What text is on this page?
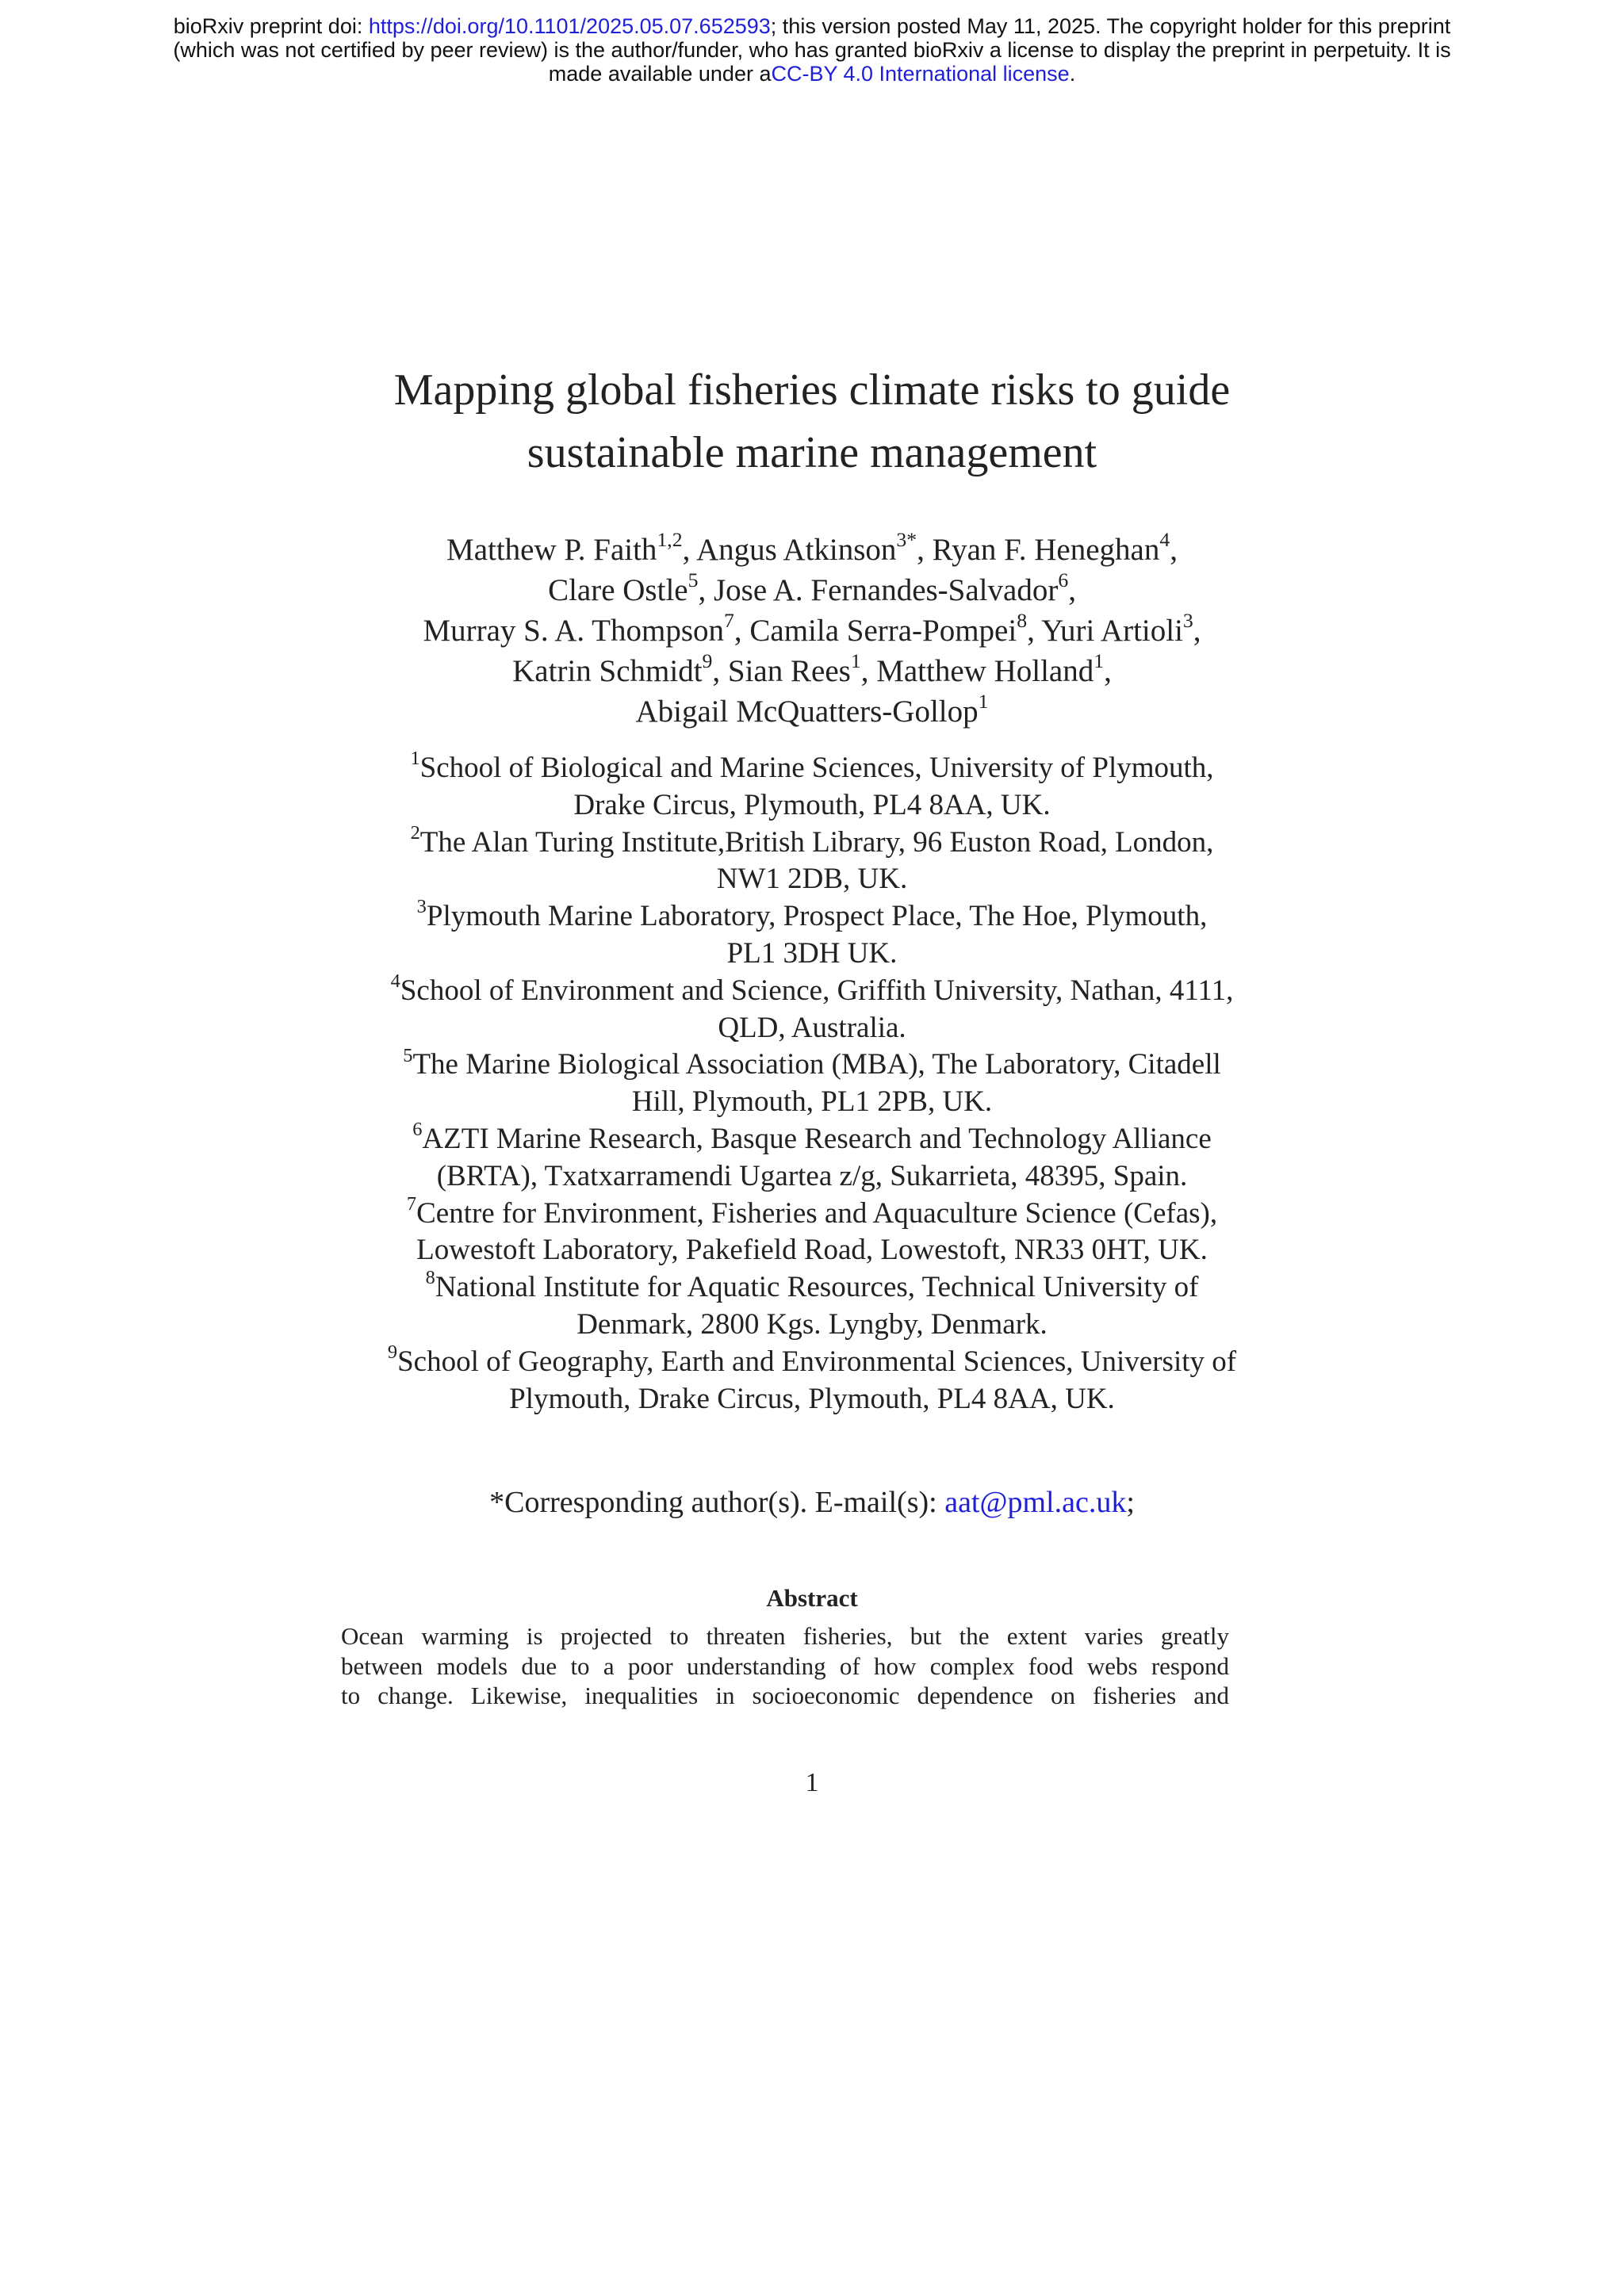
bioRxiv preprint doi: https://doi.org/10.1101/2025.05.07.652593; this version posted May 11, 2025. The copyright holder for this preprint
(which was not certified by peer review) is the author/funder, who has granted bioRxiv a license to display the preprint in perpetuity. It is
made available under aCC-BY 4.0 International license.
Mapping global fisheries climate risks to guide
sustainable marine management
Matthew P. Faith$^{1,2}$, Angus Atkinson$^{3*}$, Ryan F. Heneghan$^4$,
Clare Ostle$^5$, Jose A. Fernandes-Salvador$^6$,
Murray S. A. Thompson$^7$, Camila Serra-Pompei$^8$, Yuri Artioli$^3$,
Katrin Schmidt$^9$, Sian Rees$^1$, Matthew Holland$^1$,
Abigail McQuatters-Gollop$^1$
$^1$School of Biological and Marine Sciences, University of Plymouth,
Drake Circus, Plymouth, PL4 8AA, UK.
$^2$The Alan Turing Institute,British Library, 96 Euston Road, London,
NW1 2DB, UK.
$^3$Plymouth Marine Laboratory, Prospect Place, The Hoe, Plymouth,
PL1 3DH UK.
$^4$School of Environment and Science, Griffith University, Nathan, 4111,
QLD, Australia.
$^5$The Marine Biological Association (MBA), The Laboratory, Citadell
Hill, Plymouth, PL1 2PB, UK.
$^6$AZTI Marine Research, Basque Research and Technology Alliance
(BRTA), Txatxarramendi Ugartea z/g, Sukarrieta, 48395, Spain.
$^7$Centre for Environment, Fisheries and Aquaculture Science (Cefas),
Lowestoft Laboratory, Pakefield Road, Lowestoft, NR33 0HT, UK.
$^8$National Institute for Aquatic Resources, Technical University of
Denmark, 2800 Kgs. Lyngby, Denmark.
$^9$School of Geography, Earth and Environmental Sciences, University of
Plymouth, Drake Circus, Plymouth, PL4 8AA, UK.
*Corresponding author(s). E-mail(s): aat@pml.ac.uk;
Abstract
Ocean warming is projected to threaten fisheries, but the extent varies greatly
between models due to a poor understanding of how complex food webs respond
to change. Likewise, inequalities in socioeconomic dependence on fisheries and
1
